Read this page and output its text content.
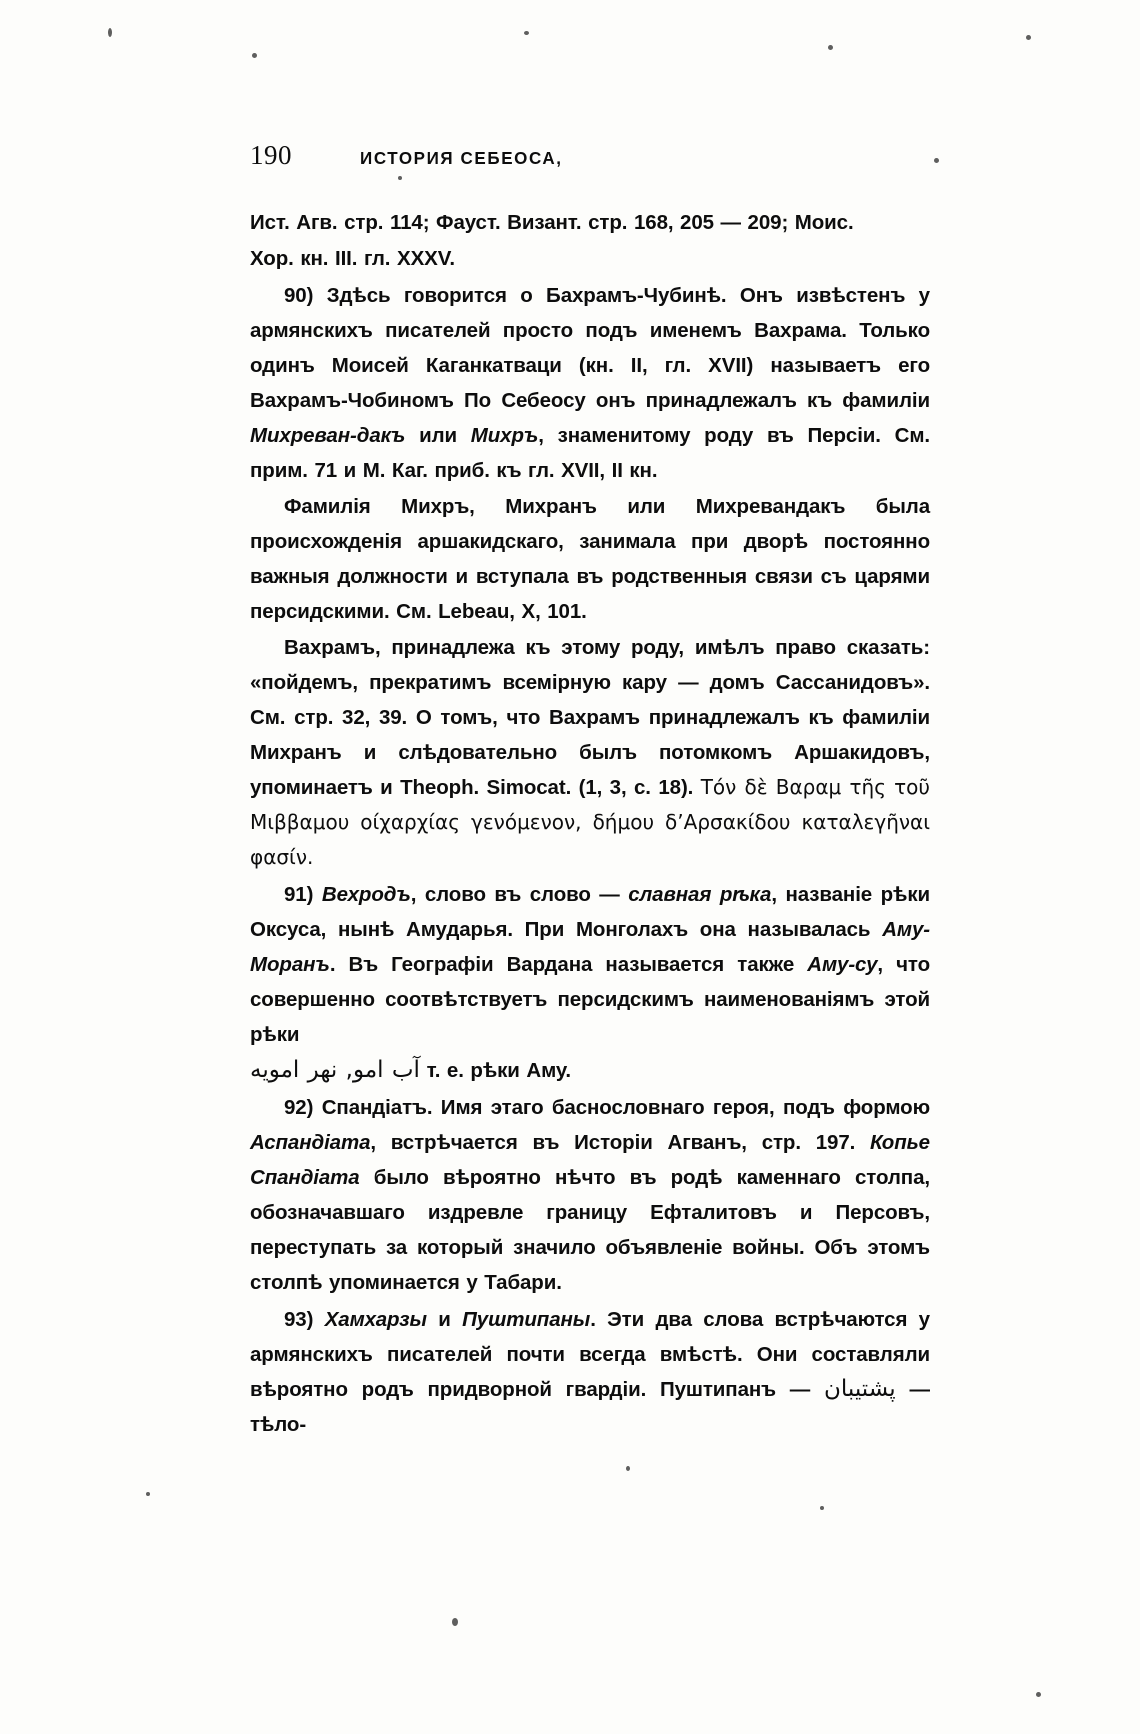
190	ИСТОРИЯ СЕБЕОСА,

Ист. Агв. стр. 114; Фауст. Визант. стр. 168, 205 — 209; Моис.

Хор. кн. III. гл. XXXV.

90) Здѣсь говорится о Бахрамъ-Чубинѣ. Онъ извѣстенъ у армянскихъ писателей просто подъ именемъ Вахрама. Только одинъ Моисей Каганкатваци (кн. II, гл. XVII) называетъ его Вахрамъ-Чобиномъ По Себеосу онъ принадлежалъ къ фамиліи Михреван-дакъ или Михръ, знаменитому роду въ Персіи. См. прим. 71 и М. Каг. приб. къ гл. XVII, II кн.

Фамилія Михръ, Михранъ или Михревандакъ была происхожденія аршакидскаго, занимала при дворѣ постоянно важныя должности и вступала въ родственныя связи съ царями персидскими. См. Lebeau, X, 101.

Вахрамъ, принадлежа къ этому роду, имѣлъ право сказать: «пойдемъ, прекратимъ всемірную кару — домъ Сассанидовъ». См. стр. 32, 39. О томъ, что Вахрамъ принадлежалъ къ фамиліи Михранъ и слѣдовательно былъ потомкомъ Аршакидовъ, упоминаетъ и Theoph. Simocat. (1, 3, с. 18). Τόν δὲ Βαραμ τῆς τοῦ Μιββαμου οίχαρχίας γενόμενον, δήμου δ’Αρσακίδου καταλεγῆναι φασίν.

91) Вехродъ, слово въ слово — славная рѣка, названіе рѣки Оксуса, нынѣ Амударья. При Монголахъ она называлась Аму-Моранъ. Въ Географіи Вардана называется также Аму-су, что совершенно соотвѣтствуетъ персидскимъ наименованіямъ этой рѣки

آب امو, نهر امويه т. е. рѣки Аму.

92) Спандіатъ. Имя этаго баснословнаго героя, подъ формою Аспандіата, встрѣчается въ Исторіи Агванъ, стр. 197. Копье Спандіата было вѣроятно нѣчто въ родѣ каменнаго столпа, обозначавшаго издревле границу Ефталитовъ и Персовъ, переступать за который значило объявленіе войны. Объ этомъ столпѣ упоминается у Табари.

93) Хамхарзы и Пуштипаны. Эти два слова встрѣчаются у армянскихъ писателей почти всегда вмѣстѣ. Они составляли вѣроятно родъ придворной гвардіи. Пуштипанъ — پشتیبان — тѣло-
